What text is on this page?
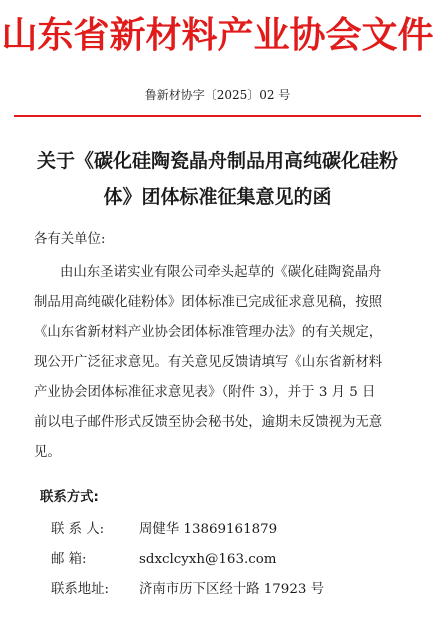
山东省新材料产业协会文件
鲁新材协字〔2025〕02 号
关于《碳化硅陶瓷晶舟制品用高纯碳化硅粉
体》团体标准征集意见的函
各有关单位:
由山东圣诺实业有限公司牵头起草的《碳化硅陶瓷晶舟
制品用高纯碳化硅粉体》团体标准已完成征求意见稿，按照
《山东省新材料产业协会团体标准管理办法》的有关规定，
现公开广泛征求意见。有关意见反馈请填写《山东省新材料
产业协会团体标准征求意见表》（附件 3），并于 3 月 5 日
前以电子邮件形式反馈至协会秘书处，逾期未反馈视为无意
见。
联系方式:
联 系 人:	周健华 13869161879
邮 箱:	sdxclcyxh@163.com
联系地址: 济南市历下区经十路 17923 号
